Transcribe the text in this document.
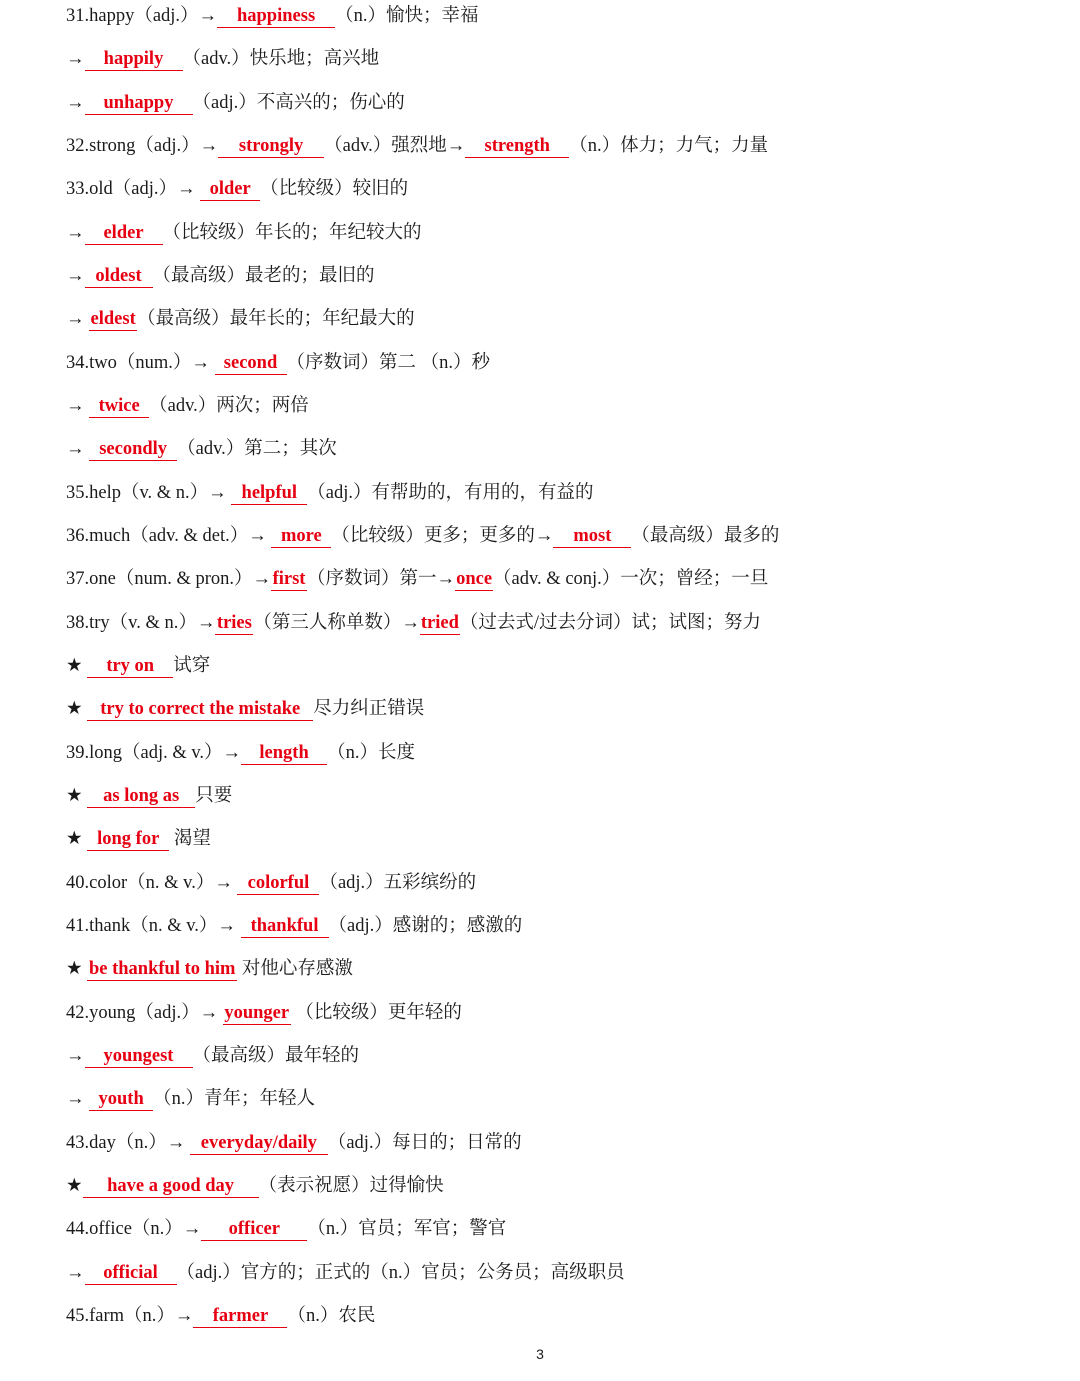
31.happy（adj.）→ happiness （n.）愉快；幸福
→ happily （adv.）快乐地；高兴地
→ unhappy （adj.）不高兴的；伤心的
32.strong（adj.）→ strongly （adv.）强烈地→ strength （n.）体力；力气；力量
33.old（adj.）→ older （比较级）较旧的
→ elder （比较级）年长的；年纪较大的
→ oldest （最高级）最老的；最旧的
→ eldest（最高级）最年长的；年纪最大的
34.two（num.）→ second （序数词）第二 （n.）秒
→ twice （adv.）两次；两倍
→ secondly （adv.）第二；其次
35.help（v. & n.）→ helpful （adj.）有帮助的，有用的，有益的
36.much（adv. & det.）→ more （比较级）更多；更多的→ most （最高级）最多的
37.one（num. & pron.）→first（序数词）第一→once（adv. & conj.）一次；曾经；一旦
38.try（v. & n.）→tries（第三人称单数）→tried（过去式/过去分词）试；试图；努力
★ try on 试穿
★ try to correct the mistake 尽力纠正错误
39.long（adj. & v.）→ length （n.）长度
★ as long as 只要
★ long for 渴望
40.color（n. & v.）→ colorful （adj.）五彩缤纷的
41.thank（n. & v.）→ thankful （adj.）感谢的；感激的
★ be thankful to him 对他心存感激
42.young（adj.）→ younger （比较级）更年轻的
→ youngest （最高级）最年轻的
→ youth （n.）青年；年轻人
43.day（n.）→ everyday/daily （adj.）每日的；日常的
★ have a good day （表示祝愿）过得愉快
44.office（n.）→ officer （n.）官员；军官；警官
→ official （adj.）官方的；正式的（n.）官员；公务员；高级职员
45.farm（n.）→ farmer （n.）农民
3
